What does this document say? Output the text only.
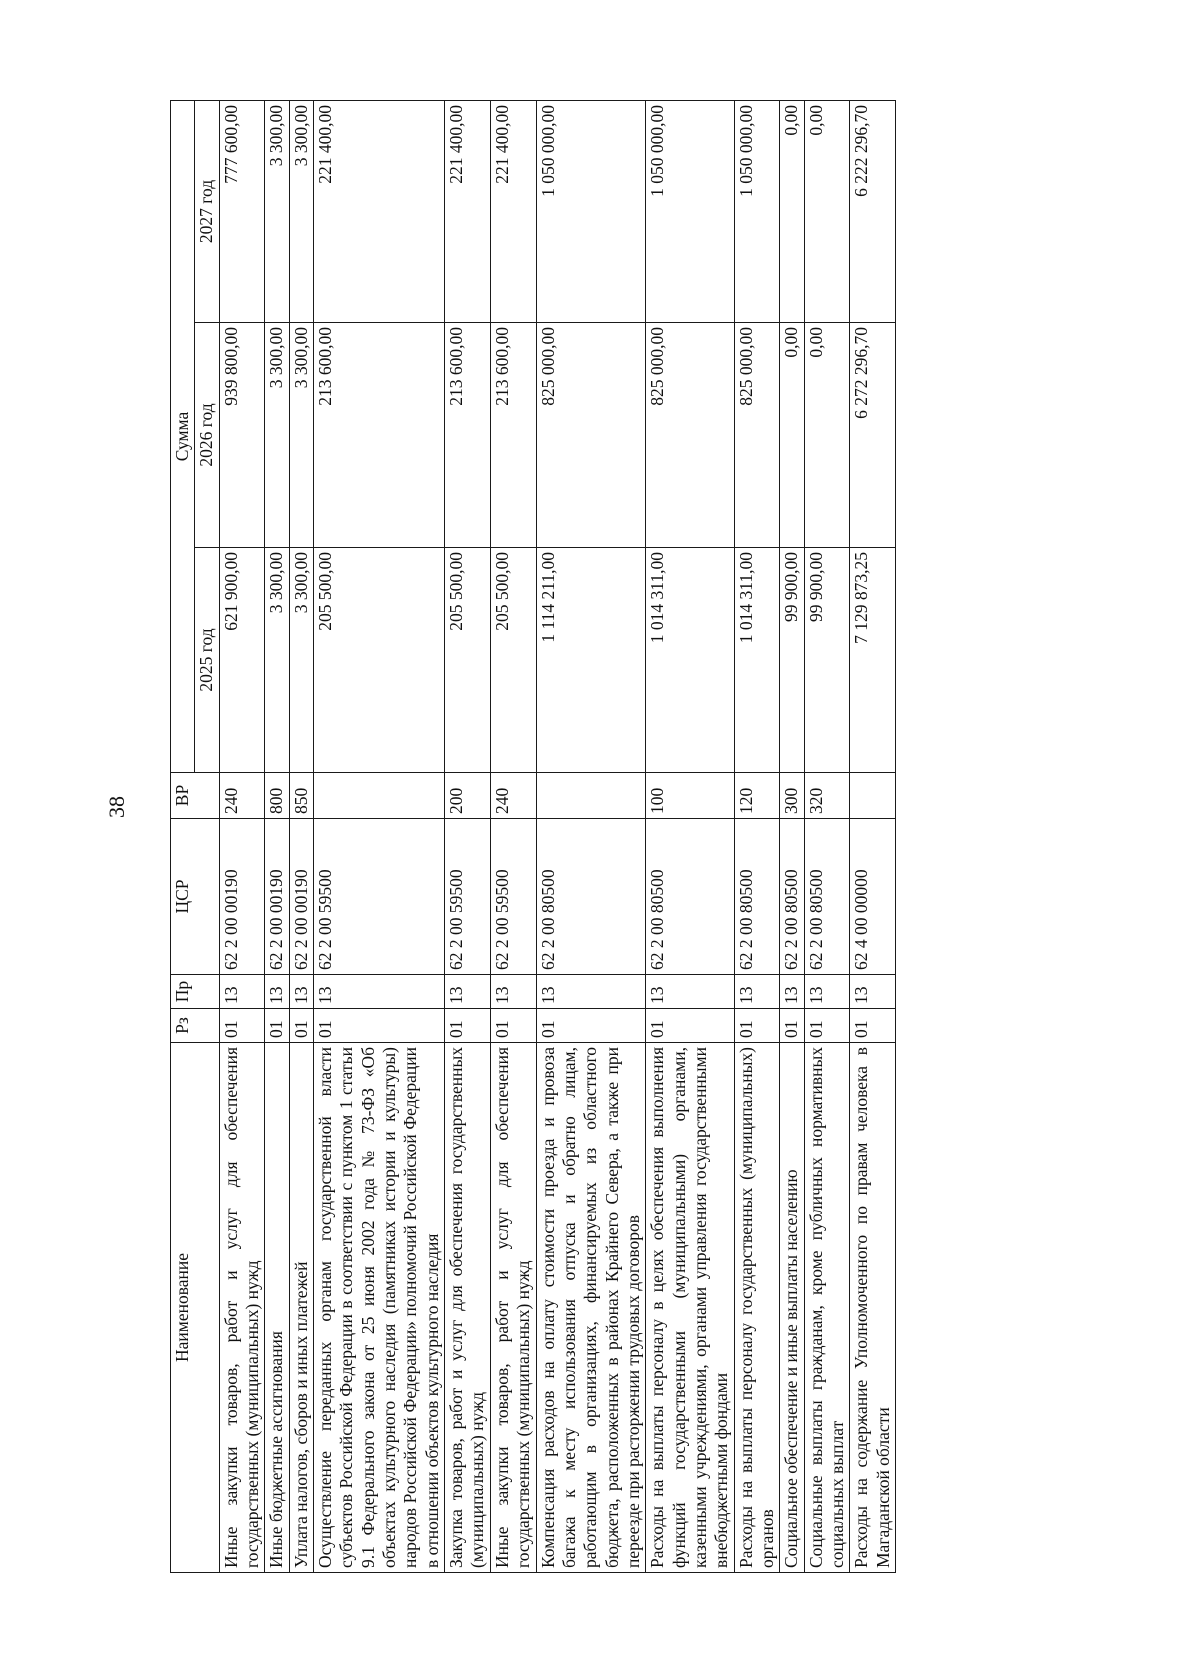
38
Наименование	Рз	Пр	ЦСР	ВР	Сумма		
					2025 год	2026 год	2027 год
Иные закупки товаров, работ и услуг для обеспечения государственных (муниципальных) нужд	01	13	62 2 00 00190	240	621 900,00	939 800,00	777 600,00
Иные бюджетные ассигнования	01	13	62 2 00 00190	800	3 300,00	3 300,00	3 300,00
Уплата налогов, сборов и иных платежей	01	13	62 2 00 00190	850	3 300,00	3 300,00	3 300,00
Осуществление переданных органам государственной власти субъектов Российской Федерации в соответствии с пунктом 1 статьи 9.1 Федерального закона от 25 июня 2002 года № 73-ФЗ «Об объектах культурного наследия (памятниках истории и культуры) народов Российской Федерации» полномочий Российской Федерации в отношении объектов культурного наследия	01	13	62 2 00 59500		205 500,00	213 600,00	221 400,00
Закупка товаров, работ и услуг для обеспечения государственных (муниципальных) нужд	01	13	62 2 00 59500	200	205 500,00	213 600,00	221 400,00
Иные закупки товаров, работ и услуг для обеспечения государственных (муниципальных) нужд	01	13	62 2 00 59500	240	205 500,00	213 600,00	221 400,00
Компенсация расходов на оплату стоимости проезда и провоза багажа к месту использования отпуска и обратно лицам, работающим в организациях, финансируемых из областного бюджета, расположенных в районах Крайнего Севера, а также при переезде при расторжении трудовых договоров	01	13	62 2 00 80500		1 114 211,00	825 000,00	1 050 000,00
Расходы на выплаты персоналу в целях обеспечения выполнения функций государственными (муниципальными) органами, казенными учреждениями, органами управления государственными внебюджетными фондами	01	13	62 2 00 80500	100	1 014 311,00	825 000,00	1 050 000,00
Расходы на выплаты персоналу государственных (муниципальных) органов	01	13	62 2 00 80500	120	1 014 311,00	825 000,00	1 050 000,00
Социальное обеспечение и иные выплаты населению	01	13	62 2 00 80500	300	99 900,00	0,00	0,00
Социальные выплаты гражданам, кроме публичных нормативных социальных выплат	01	13	62 2 00 80500	320	99 900,00	0,00	0,00
Расходы на содержание Уполномоченного по правам человека в Магаданской области	01	13	62 4 00 00000		7 129 873,25	6 272 296,70	6 222 296,70
